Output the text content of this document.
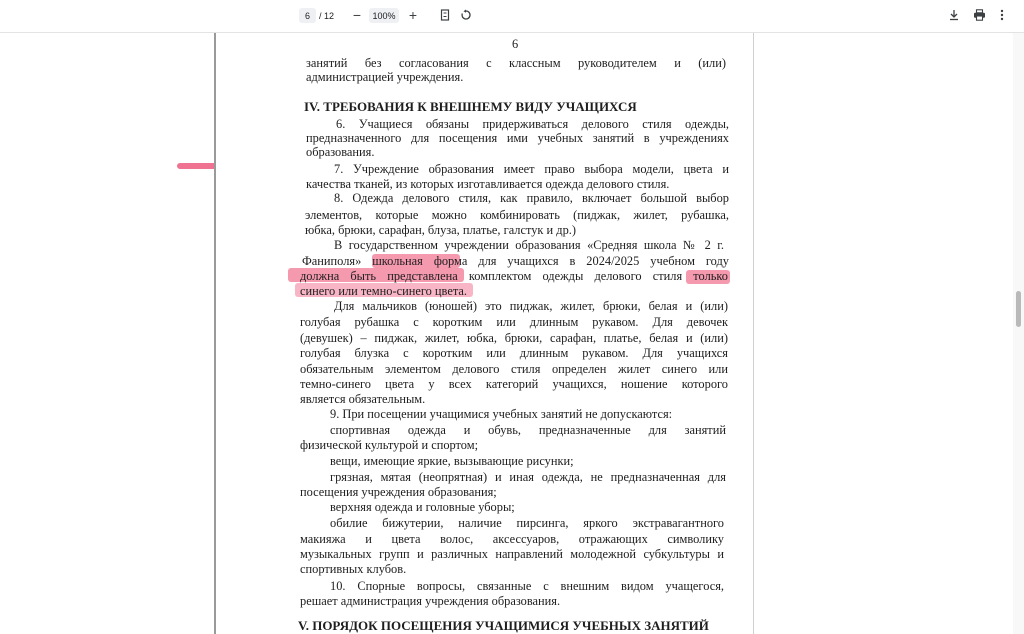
6	/ 12 −	100% +
6
занятий без согласования с классным руководителем и (или)
администрацией учреждения.
IV. ТРЕБОВАНИЯ К ВНЕШНЕМУ ВИДУ УЧАЩИХСЯ
6. Учащиеся обязаны придерживаться делового стиля одежды,
предназначенного для посещения ими учебных занятий в учреждениях
образования.
7. Учреждение образования имеет право выбора модели, цвета и
качества тканей, из которых изготавливается одежда делового стиля.
8. Одежда делового стиля, как правило, включает большой выбор
элементов, которые можно комбинировать (пиджак, жилет, рубашка,
юбка, брюки, сарафан, блуза, платье, галстук и др.)
В государственном учреждении образования «Средняя школа № 2 г.
Фаниполя» школьная форма для учащихся в 2024/2025 учебном году
должна быть представлена комплектом одежды делового стиля только
синего или темно-синего цвета.
Для мальчиков (юношей) это пиджак, жилет, брюки, белая и (или)
голубая рубашка с коротким или длинным рукавом. Для девочек
(девушек) – пиджак, жилет, юбка, брюки, сарафан, платье, белая и (или)
голубая блузка с коротким или длинным рукавом. Для учащихся
обязательным элементом делового стиля определен жилет синего или
темно-синего цвета у всех категорий учащихся, ношение которого
является обязательным.
9. При посещении учащимися учебных занятий не допускаются:
спортивная одежда и обувь, предназначенные для занятий
физической культурой и спортом;
вещи, имеющие яркие, вызывающие рисунки;
грязная, мятая (неопрятная) и иная одежда, не предназначенная для
посещения учреждения образования;
верхняя одежда и головные уборы;
обилие бижутерии, наличие пирсинга, яркого экстравагантного
макияжа и цвета волос, аксессуаров, отражающих символику
музыкальных групп и различных направлений молодежной субкультуры и
спортивных клубов.
10. Спорные вопросы, связанные с внешним видом учащегося,
решает администрация учреждения образования.
V. ПОРЯДОК ПОСЕЩЕНИЯ УЧАЩИМИСЯ УЧЕБНЫХ ЗАНЯТИЙ
